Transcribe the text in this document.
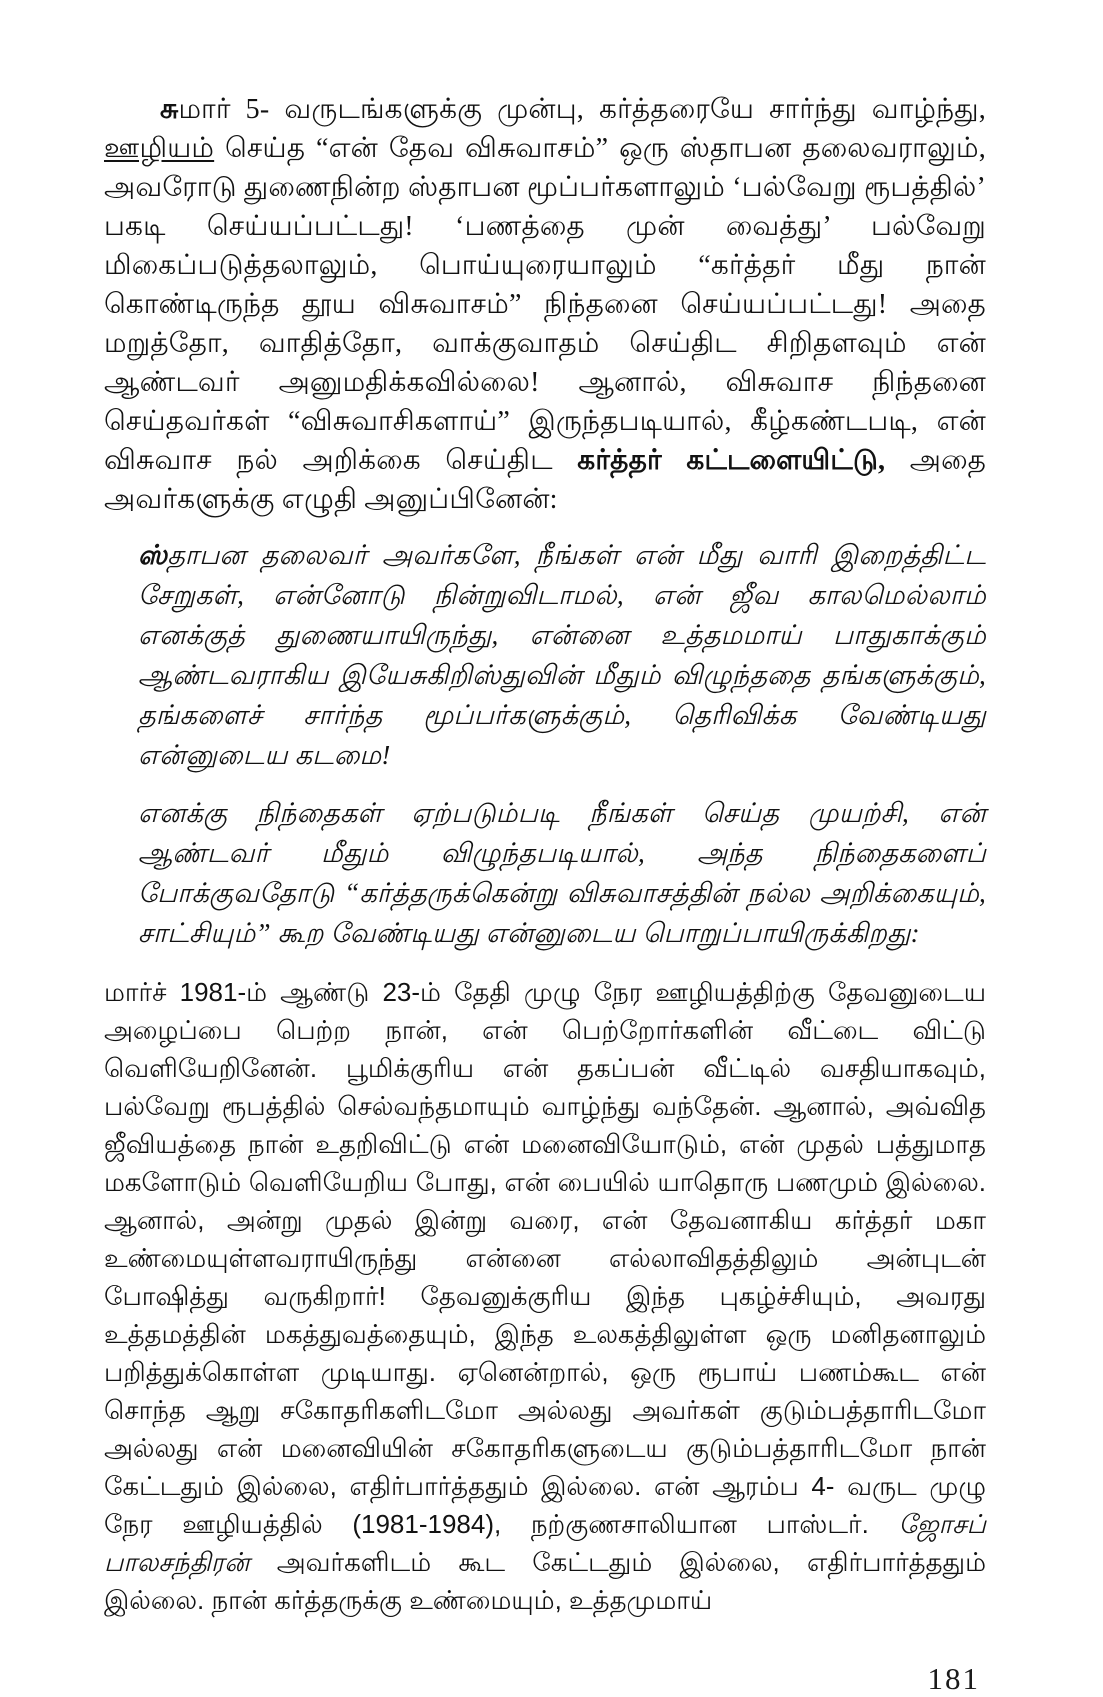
சுமார் 5- வருடங்களுக்கு முன்பு, கர்த்தரையே சார்ந்து வாழ்ந்து, ஊழியம் செய்த “என் தேவ விசுவாசம்” ஒரு ஸ்தாபன தலைவராலும், அவரோடு துணைநின்ற ஸ்தாபன மூப்பர்களாலும் ‘பல்வேறு ரூபத்தில்’ பகடி செய்யப்பட்டது! ‘பணத்தை முன் வைத்து’ பல்வேறு மிகைப்படுத்தலாலும், பொய்யுரையாலும் “கர்த்தர் மீது நான் கொண்டிருந்த தூய விசுவாசம்” நிந்தனை செய்யப்பட்டது! அதை மறுத்தோ, வாதித்தோ, வாக்குவாதம் செய்திட சிறிதளவும் என் ஆண்டவர் அனுமதிக்கவில்லை! ஆனால், விசுவாச நிந்தனை செய்தவர்கள் “விசுவாசிகளாய்” இருந்தபடியால், கீழ்கண்டபடி, என் விசுவாச நல் அறிக்கை செய்திட கர்த்தர் கட்டளையிட்டு, அதை அவர்களுக்கு எழுதி அனுப்பினேன்:

ஸ்தாபன தலைவர் அவர்களே, நீங்கள் என் மீது வாரி இறைத்திட்ட சேறுகள், என்னோடு நின்றுவிடாமல், என் ஜீவ காலமெல்லாம் எனக்குத் துணையாயிருந்து, என்னை உத்தமமாய் பாதுகாக்கும் ஆண்டவராகிய இயேசுகிறிஸ்துவின் மீதும் விழுந்ததை தங்களுக்கும், தங்களைச் சார்ந்த மூப்பர்களுக்கும், தெரிவிக்க வேண்டியது என்னுடைய கடமை!

எனக்கு நிந்தைகள் ஏற்படும்படி நீங்கள் செய்த முயற்சி, என் ஆண்டவர் மீதும் விழுந்தபடியால், அந்த நிந்தைகளைப் போக்குவதோடு “கர்த்தருக்கென்று விசுவாசத்தின் நல்ல அறிக்கையும், சாட்சியும்” கூற வேண்டியது என்னுடைய பொறுப்பாயிருக்கிறது:

மார்ச் 1981-ம் ஆண்டு 23-ம் தேதி முழு நேர ஊழியத்திற்கு தேவனுடைய அழைப்பை பெற்ற நான், என் பெற்றோர்களின் வீட்டை விட்டு வெளியேறினேன். பூமிக்குரிய என் தகப்பன் வீட்டில் வசதியாகவும், பல்வேறு ரூபத்தில் செல்வந்தமாயும் வாழ்ந்து வந்தேன். ஆனால், அவ்வித ஜீவியத்தை நான் உதறிவிட்டு என் மனைவியோடும், என் முதல் பத்துமாத மகளோடும் வெளியேறிய போது, என் பையில் யாதொரு பணமும் இல்லை. ஆனால், அன்று முதல் இன்று வரை, என் தேவனாகிய கர்த்தர் மகா உண்மையுள்ளவராயிருந்து என்னை எல்லாவிதத்திலும் அன்புடன் போஷித்து வருகிறார்! தேவனுக்குரிய இந்த புகழ்ச்சியும், அவரது உத்தமத்தின் மகத்துவத்தையும், இந்த உலகத்திலுள்ள ஒரு மனிதனாலும் பறித்துக்கொள்ள முடியாது. ஏனென்றால், ஒரு ரூபாய் பணம்கூட என் சொந்த ஆறு சகோதரிகளிடமோ அல்லது அவர்கள் குடும்பத்தாரிடமோ அல்லது என் மனைவியின் சகோதரிகளுடைய குடும்பத்தாரிடமோ நான் கேட்டதும் இல்லை, எதிர்பார்த்ததும் இல்லை. என் ஆரம்ப 4- வருட முழு நேர ஊழியத்தில் (1981-1984), நற்குணசாலியான பாஸ்டர். ஜோசப் பாலசந்திரன் அவர்களிடம் கூட கேட்டதும் இல்லை, எதிர்பார்த்ததும் இல்லை. நான் கர்த்தருக்கு உண்மையும், உத்தமுமாய்

181
